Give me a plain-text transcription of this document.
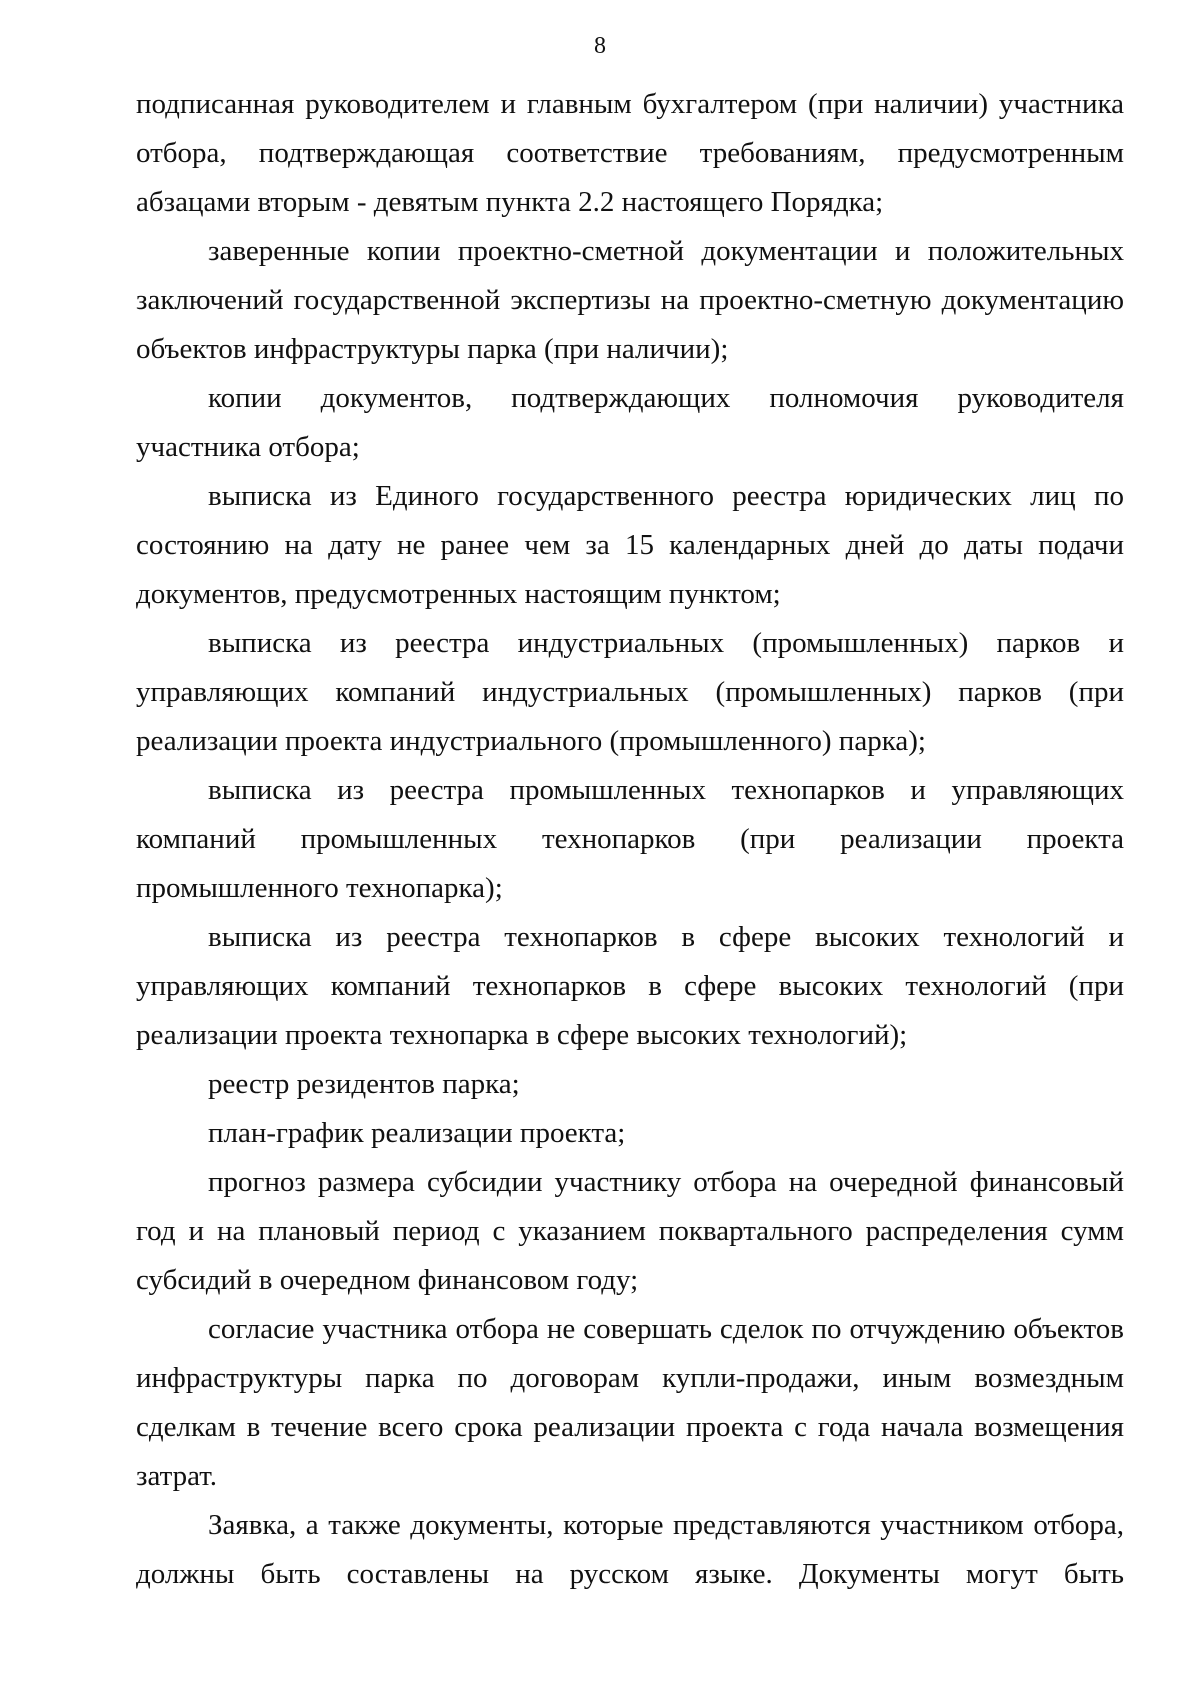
8

подписанная руководителем и главным бухгалтером (при наличии) участника отбора, подтверждающая соответствие требованиям, предусмотренным абзацами вторым - девятым пункта 2.2 настоящего Порядка;

заверенные копии проектно-сметной документации и положительных заключений государственной экспертизы на проектно-сметную документацию объектов инфраструктуры парка (при наличии);

копии документов, подтверждающих полномочия руководителя участника отбора;

выписка из Единого государственного реестра юридических лиц по состоянию на дату не ранее чем за 15 календарных дней до даты подачи документов, предусмотренных настоящим пунктом;

выписка из реестра индустриальных (промышленных) парков и управляющих компаний индустриальных (промышленных) парков (при реализации проекта индустриального (промышленного) парка);

выписка из реестра промышленных технопарков и управляющих компаний промышленных технопарков (при реализации проекта промышленного технопарка);

выписка из реестра технопарков в сфере высоких технологий и управляющих компаний технопарков в сфере высоких технологий (при реализации проекта технопарка в сфере высоких технологий);

реестр резидентов парка;

план-график реализации проекта;

прогноз размера субсидии участнику отбора на очередной финансовый год и на плановый период с указанием поквартального распределения сумм субсидий в очередном финансовом году;

согласие участника отбора не совершать сделок по отчуждению объектов инфраструктуры парка по договорам купли-продажи, иным возмездным сделкам в течение всего срока реализации проекта с года начала возмещения затрат.

Заявка, а также документы, которые представляются участником отбора, должны быть составлены на русском языке. Документы могут быть
